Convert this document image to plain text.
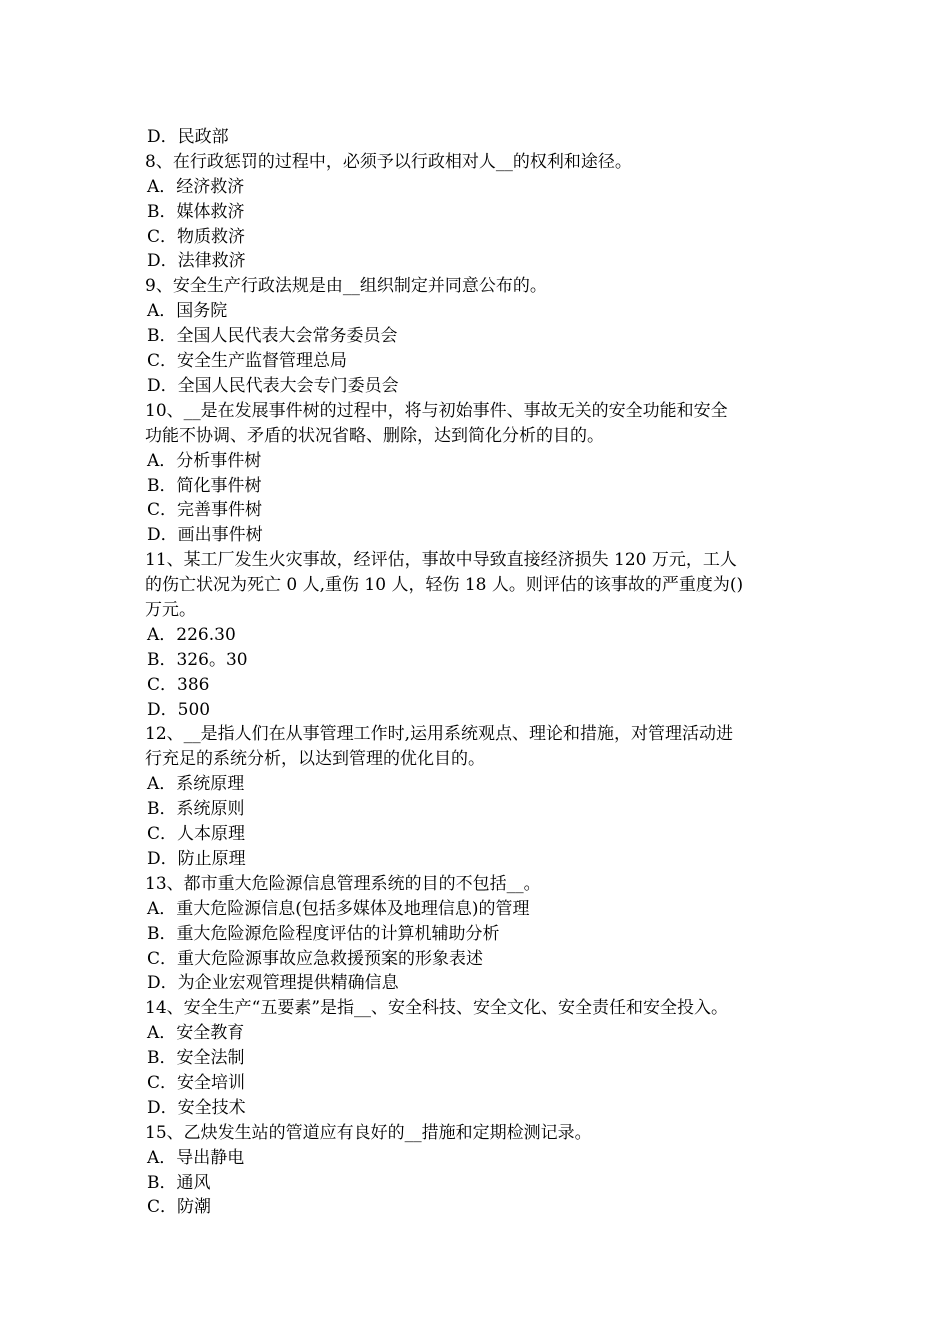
D．民政部
8、在行政惩罚的过程中，必须予以行政相对人__的权利和途径。
A．经济救济
B．媒体救济
C．物质救济
D．法律救济
9、安全生产行政法规是由__组织制定并同意公布的。
A．国务院
B．全国人民代表大会常务委员会
C．安全生产监督管理总局
D．全国人民代表大会专门委员会
10、__是在发展事件树的过程中，将与初始事件、事故无关的安全功能和安全
功能不协调、矛盾的状况省略、删除，达到简化分析的目的。
A．分析事件树
B．简化事件树
C．完善事件树
D．画出事件树
11、某工厂发生火灾事故，经评估，事故中导致直接经济损失 120 万元，工人
的伤亡状况为死亡 0 人,重伤 10 人，轻伤 18 人。则评估的该事故的严重度为()
万元。
A．226.30
B．326。30
C．386
D．500
12、__是指人们在从事管理工作时,运用系统观点、理论和措施，对管理活动进
行充足的系统分析，以达到管理的优化目的。
A．系统原理
B．系统原则
C．人本原理
D．防止原理
13、都市重大危险源信息管理系统的目的不包括__。
A．重大危险源信息(包括多媒体及地理信息)的管理
B．重大危险源危险程度评估的计算机辅助分析
C．重大危险源事故应急救援预案的形象表述
D．为企业宏观管理提供精确信息
14、安全生产“五要素”是指__、安全科技、安全文化、安全责任和安全投入。
A．安全教育
B．安全法制
C．安全培训
D．安全技术
15、乙炔发生站的管道应有良好的__措施和定期检测记录。
A．导出静电
B．通风
C．防潮
